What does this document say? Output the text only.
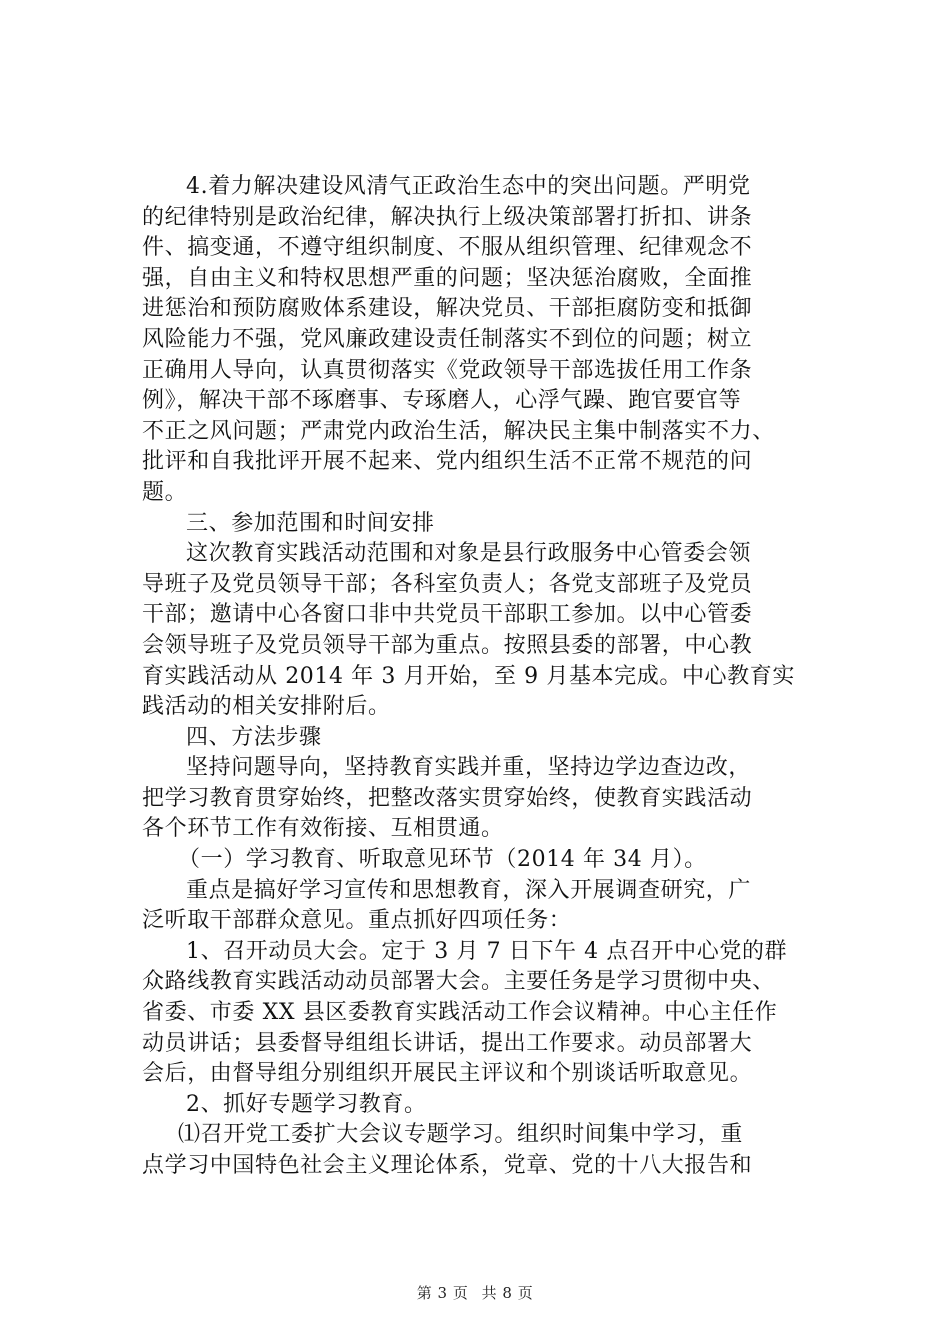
4.着力解决建设风清气正政治生态中的突出问题。严明党
的纪律特别是政治纪律，解决执行上级决策部署打折扣、讲条
件、搞变通，不遵守组织制度、不服从组织管理、纪律观念不
强，自由主义和特权思想严重的问题；坚决惩治腐败，全面推
进惩治和预防腐败体系建设，解决党员、干部拒腐防变和抵御
风险能力不强，党风廉政建设责任制落实不到位的问题；树立
正确用人导向，认真贯彻落实《党政领导干部选拔任用工作条
例》，解决干部不琢磨事、专琢磨人，心浮气躁、跑官要官等
不正之风问题；严肃党内政治生活，解决民主集中制落实不力、
批评和自我批评开展不起来、党内组织生活不正常不规范的问
题。
三、参加范围和时间安排
这次教育实践活动范围和对象是县行政服务中心管委会领
导班子及党员领导干部；各科室负责人；各党支部班子及党员
干部；邀请中心各窗口非中共党员干部职工参加。以中心管委
会领导班子及党员领导干部为重点。按照县委的部署，中心教
育实践活动从 2014 年 3 月开始，至 9 月基本完成。中心教育实
践活动的相关安排附后。
四、方法步骤
坚持问题导向，坚持教育实践并重，坚持边学边查边改，
把学习教育贯穿始终，把整改落实贯穿始终，使教育实践活动
各个环节工作有效衔接、互相贯通。
（一）学习教育、听取意见环节（2014 年 34 月）。
重点是搞好学习宣传和思想教育，深入开展调查研究，广
泛听取干部群众意见。重点抓好四项任务：
1、召开动员大会。定于 3 月 7 日下午 4 点召开中心党的群
众路线教育实践活动动员部署大会。主要任务是学习贯彻中央、
省委、市委 XX 县区委教育实践活动工作会议精神。中心主任作
动员讲话；县委督导组组长讲话，提出工作要求。动员部署大
会后，由督导组分别组织开展民主评议和个别谈话听取意见。
2、抓好专题学习教育。
⑴召开党工委扩大会议专题学习。组织时间集中学习，重
点学习中国特色社会主义理论体系，党章、党的十八大报告和
第 3 页 共 8 页
